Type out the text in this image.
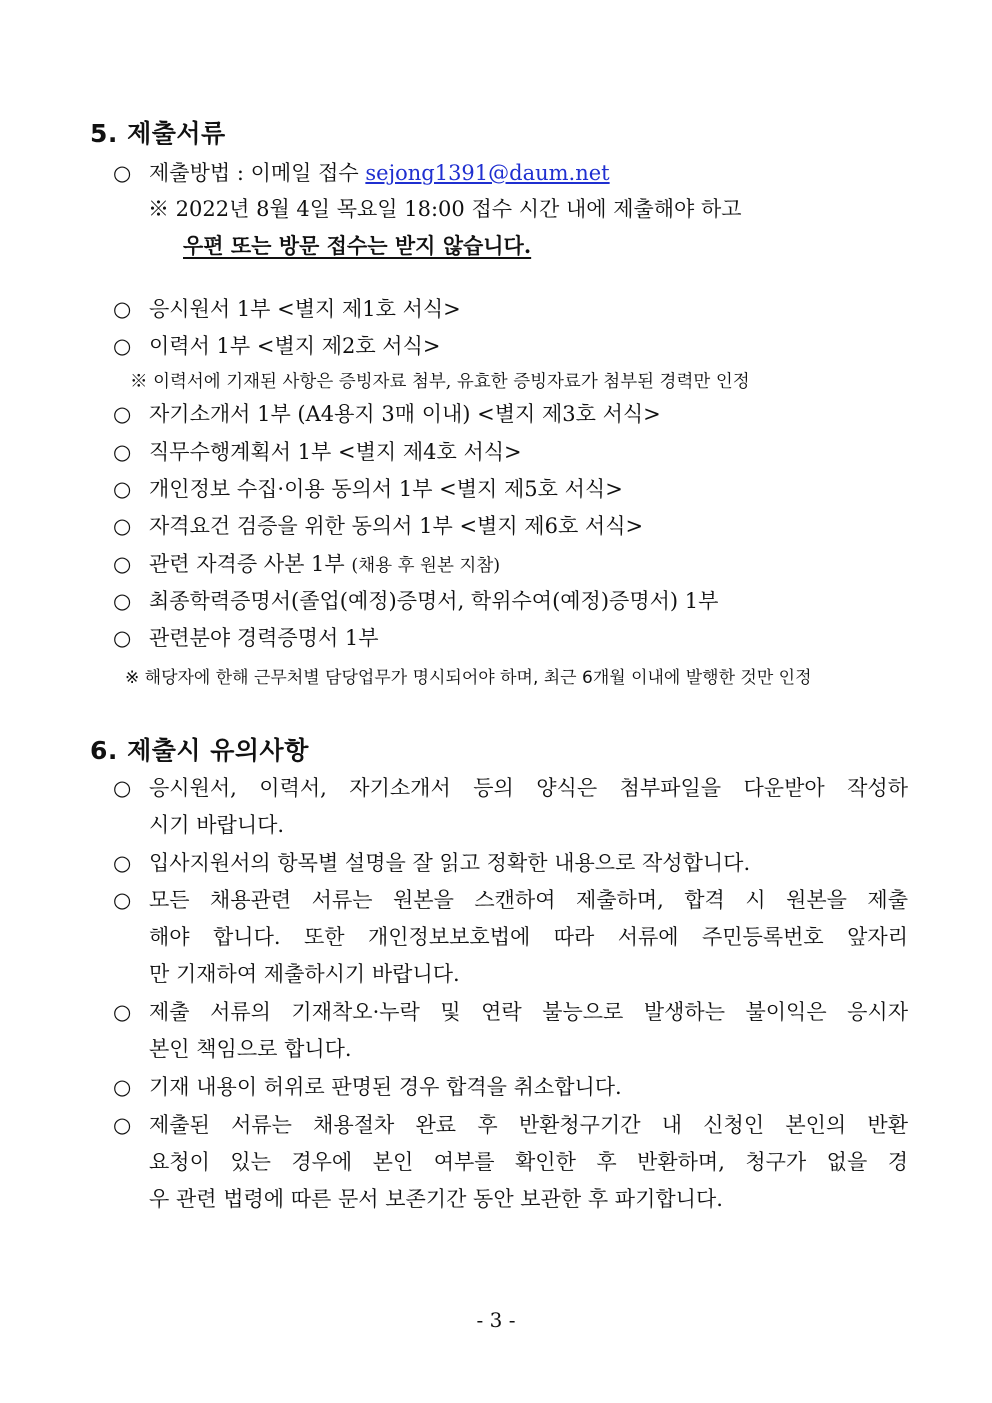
5. 제출서류
○ 제출방법 : 이메일 접수 sejong1391@daum.net
※ 2022년 8월 4일 목요일 18:00 접수 시간 내에 제출해야 하고
우편 또는 방문 접수는 받지 않습니다.
○ 응시원서 1부 <별지 제1호 서식>
○ 이력서 1부 <별지 제2호 서식>
※ 이력서에 기재된 사항은 증빙자료 첨부, 유효한 증빙자료가 첨부된 경력만 인정
○ 자기소개서 1부 (A4용지 3매 이내) <별지 제3호 서식>
○ 직무수행계획서 1부 <별지 제4호 서식>
○ 개인정보 수집·이용 동의서 1부 <별지 제5호 서식>
○ 자격요건 검증을 위한 동의서 1부 <별지 제6호 서식>
○ 관련 자격증 사본 1부 (채용 후 원본 지참)
○ 최종학력증명서(졸업(예정)증명서, 학위수여(예정)증명서) 1부
○ 관련분야 경력증명서 1부
※ 해당자에 한해 근무처별 담당업무가 명시되어야 하며, 최근 6개월 이내에 발행한 것만 인정
6. 제출시 유의사항
○ 응시원서, 이력서, 자기소개서 등의 양식은 첨부파일을 다운받아 작성하
시기 바랍니다.
○ 입사지원서의 항목별 설명을 잘 읽고 정확한 내용으로 작성합니다.
○ 모든 채용관련 서류는 원본을 스캔하여 제출하며, 합격 시 원본을 제출
해야 합니다. 또한 개인정보보호법에 따라 서류에 주민등록번호 앞자리
만 기재하여 제출하시기 바랍니다.
○ 제출 서류의 기재착오·누락 및 연락 불능으로 발생하는 불이익은 응시자
본인 책임으로 합니다.
○ 기재 내용이 허위로 판명된 경우 합격을 취소합니다.
○ 제출된 서류는 채용절차 완료 후 반환청구기간 내 신청인 본인의 반환
요청이 있는 경우에 본인 여부를 확인한 후 반환하며, 청구가 없을 경
우 관련 법령에 따른 문서 보존기간 동안 보관한 후 파기합니다.
- 3 -
